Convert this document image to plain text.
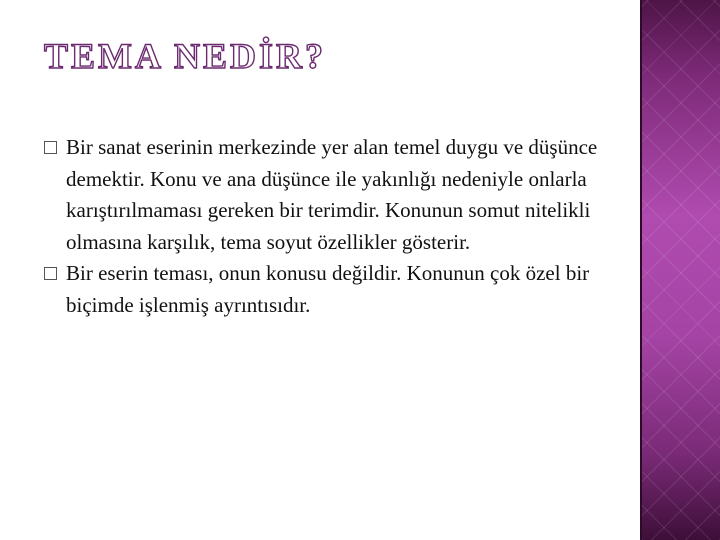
TEMA NEDİR?

Bir sanat eserinin merkezinde yer alan temel duygu ve düşünce demektir. Konu ve ana düşünce ile yakınlığı nedeniyle onlarla karıştırılmaması gereken bir terimdir. Konunun somut nitelikli olmasına karşılık, tema soyut özellikler gösterir.

Bir eserin teması, onun konusu değildir. Konunun çok özel bir biçimde işlenmiş ayrıntısıdır.
